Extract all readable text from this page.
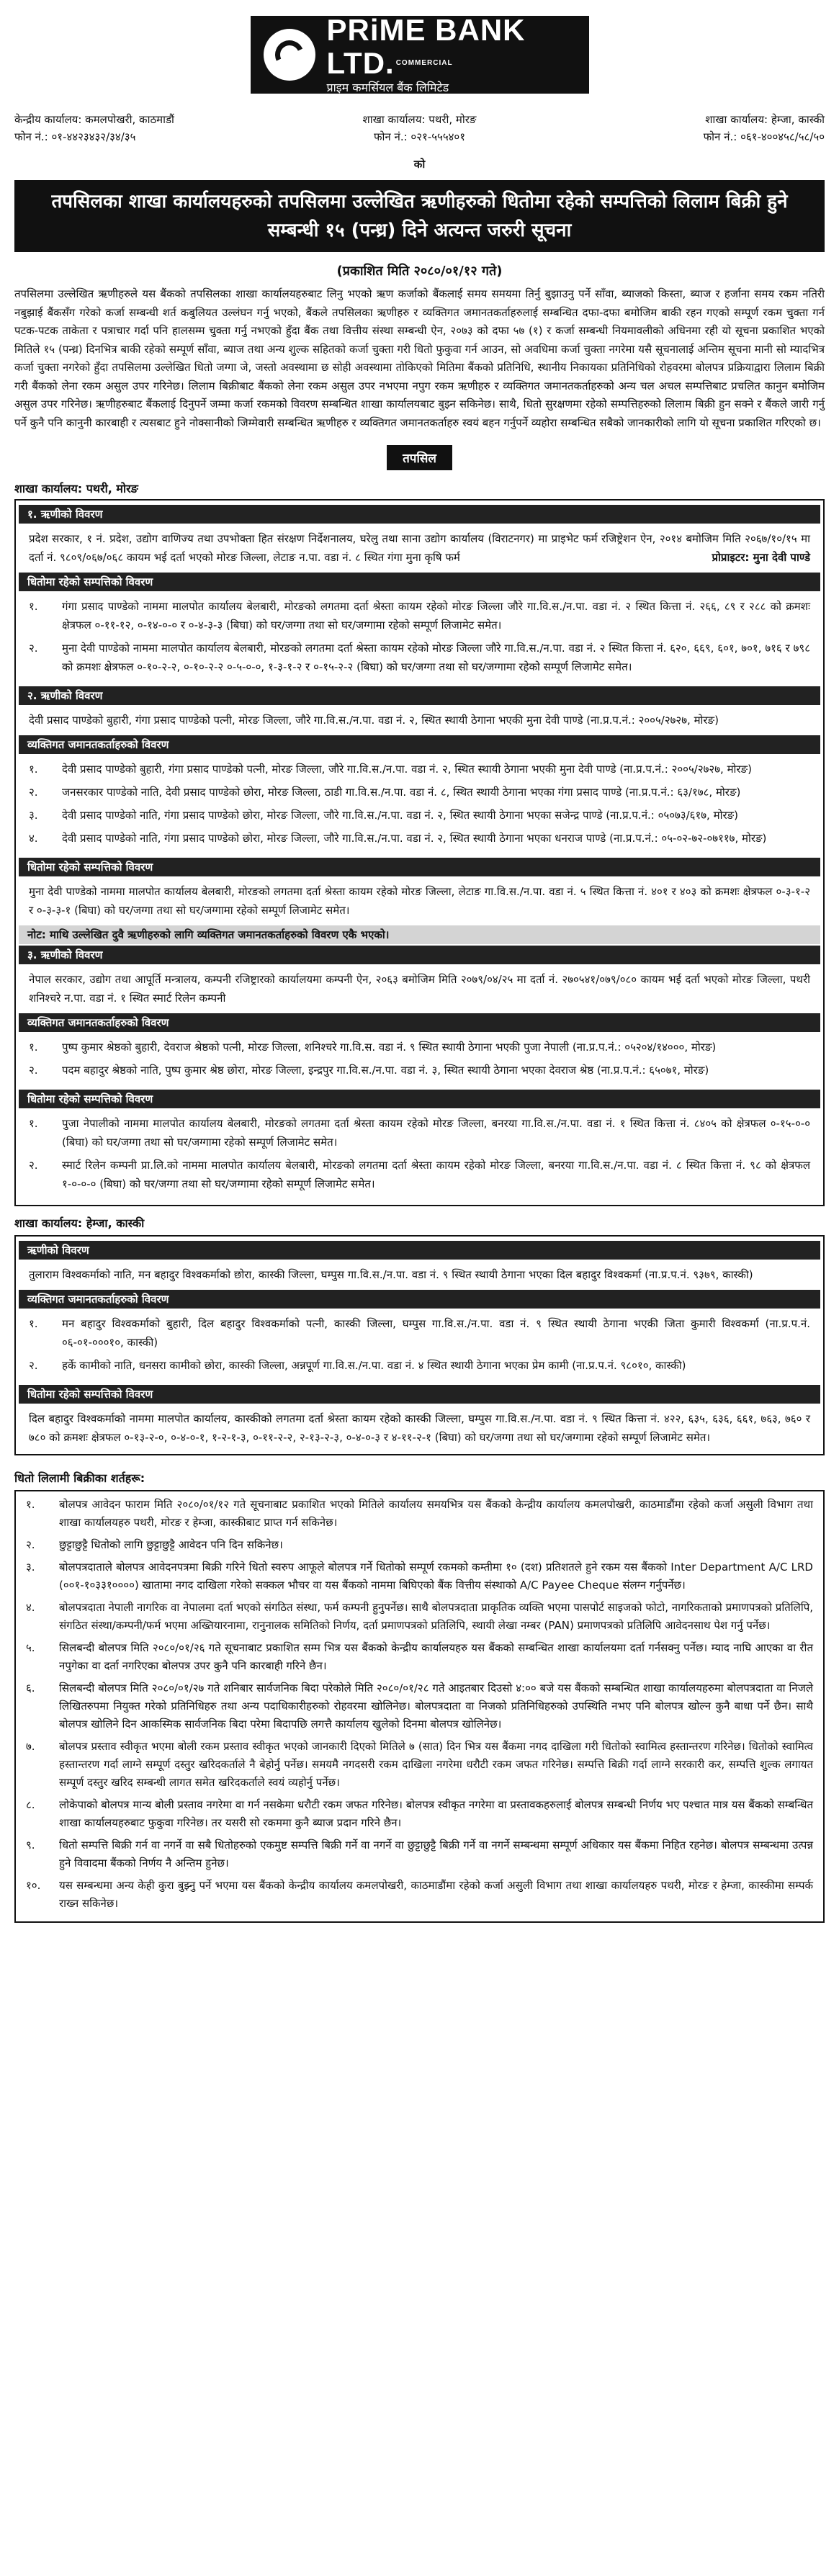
PRiME BANK LTD. $^{COMMERCIAL}$
प्राइम कमर्सियल बैंक लिमिटेड
केन्द्रीय कार्यालय: कमलपोखरी, काठमाडौं
फोन नं.: ०१-४४२३४३२/३४/३५
शाखा कार्यालय: पथरी, मोरङ
फोन नं.: ०२१-५५५४०१
शाखा कार्यालय: हेम्जा, कास्की
फोन नं.: ०६१-४००४५८/५८/५०
को
तपसिलका शाखा कार्यालयहरुको तपसिलमा उल्लेखित ऋणीहरुको धितोमा रहेको सम्पत्तिको लिलाम बिक्री हुने सम्बन्धी १५ (पन्ध्र) दिने अत्यन्त जरुरी सूचना
(प्रकाशित मिति २०८०/०१/१२ गते)
तपसिलमा उल्लेखित ऋणीहरुले यस बैंकको तपसिलका शाखा कार्यालयहरुबाट लिनु भएको ऋण कर्जाको बैंकलाई समय समयमा तिर्नु बुझाउनु पर्ने साँवा, ब्याजको किस्ता, ब्याज र हर्जाना समय रकम नतिरी नबुझाई बैंकसँग गरेको कर्जा सम्बन्धी शर्त कबुलियत उल्लंघन गर्नु भएको, बैंकले तपसिलका ऋणीहरु र व्यक्तिगत जमानतकर्ताहरुलाई सम्बन्धित दफा-दफा बमोजिम बाकी रहन गएको सम्पूर्ण रकम चुक्ता गर्न पटक-पटक ताकेता र पत्राचार गर्दा पनि हालसम्म चुक्ता गर्नु नभएको हुँदा बैंक तथा वित्तीय संस्था सम्बन्धी ऐन, २०७३ को दफा ५७ (१) र कर्जा सम्बन्धी नियमावलीको अधिनमा रही यो सूचना प्रकाशित भएको मितिले १५ (पन्ध्र) दिनभित्र बाकी रहेको सम्पूर्ण साँवा, ब्याज तथा अन्य शुल्क सहितको कर्जा चुक्ता गरी धितो फुकुवा गर्न आउन, सो अवधिमा कर्जा चुक्ता नगरेमा यसै सूचनालाई अन्तिम सूचना मानी सो म्यादभित्र कर्जा चुक्ता नगरेको हुँदा तपसिलमा उल्लेखित धितो जग्गा जे, जस्तो अवस्थामा छ सोही अवस्थामा तोकिएको मितिमा बैंकको प्रतिनिधि, स्थानीय निकायका प्रतिनिधिको रोहवरमा बोलपत्र प्रक्रियाद्वारा लिलाम बिक्री गरी बैंकको लेना रकम असुल उपर गरिनेछ। लिलाम बिक्रीबाट बैंकको लेना रकम असुल उपर नभएमा नपुग रकम ऋणीहरु र व्यक्तिगत जमानतकर्ताहरुको अन्य चल अचल सम्पत्तिबाट प्रचलित कानुन बमोजिम असुल उपर गरिनेछ। ऋणीहरुबाट बैंकलाई दिनुपर्ने जम्मा कर्जा रकमको विवरण सम्बन्धित शाखा कार्यालयबाट बुझ्न सकिनेछ। साथै, धितो सुरक्षणमा रहेको सम्पत्तिहरुको लिलाम बिक्री हुन सक्ने र बैंकले जारी गर्नु पर्ने कुनै पनि कानुनी कारबाही र त्यसबाट हुने नोक्सानीको जिम्मेवारी सम्बन्धित ऋणीहरु र व्यक्तिगत जमानतकर्ताहरु स्वयं बहन गर्नुपर्ने व्यहोरा सम्बन्धित सबैको जानकारीको लागि यो सूचना प्रकाशित गरिएको छ।
तपसिल
शाखा कार्यालय: पथरी, मोरङ
१. ऋणीको विवरण
प्रदेश सरकार, १ नं. प्रदेश, उद्योग वाणिज्य तथा उपभोक्ता हित संरक्षण निर्देशनालय, घरेलु तथा साना उद्योग कार्यालय (विराटनगर) मा प्राइभेट फर्म रजिष्ट्रेशन ऐन, २०१४ बमोजिम मिति २०६७/१०/१५ मा दर्ता नं. ९८०९/०६७/०६८ कायम भई दर्ता भएको मोरङ जिल्ला, लेटाङ न.पा. वडा नं. ८ स्थित गंगा मुना कृषि फर्म	प्रोप्राइटर: मुना देवी पाण्डे
धितोमा रहेको सम्पत्तिको विवरण
१.	गंगा प्रसाद पाण्डेको नाममा मालपोत कार्यालय बेलबारी, मोरङको लगतमा दर्ता श्रेस्ता कायम रहेको मोरङ जिल्ला जौरे गा.वि.स./न.पा. वडा नं. २ स्थित कित्ता नं. २६६, ८९ र २८८ को क्रमशः क्षेत्रफल ०-११-१२, ०-१४-०-० र ०-४-३-३ (बिघा) को घर/जग्गा तथा सो घर/जग्गामा रहेको सम्पूर्ण लिजामेट समेत।
२.	मुना देवी पाण्डेको नाममा मालपोत कार्यालय बेलबारी, मोरङको लगतमा दर्ता श्रेस्ता कायम रहेको मोरङ जिल्ला जौरे गा.वि.स./न.पा. वडा नं. २ स्थित कित्ता नं. ६२०, ६६९, ६०१, ७०१, ७१६ र ७९८ को क्रमशः क्षेत्रफल ०-१०-२-२, ०-१०-२-२ ०-५-०-०, १-३-१-२ र ०-१५-२-२ (बिघा) को घर/जग्गा तथा सो घर/जग्गामा रहेको सम्पूर्ण लिजामेट समेत।
२. ऋणीको विवरण
देवी प्रसाद पाण्डेको बुहारी, गंगा प्रसाद पाण्डेको पत्नी, मोरङ जिल्ला, जौरे गा.वि.स./न.पा. वडा नं. २, स्थित स्थायी ठेगाना भएकी मुना देवी पाण्डे (ना.प्र.प.नं.: २००५/२७२७, मोरङ)
व्यक्तिगत जमानतकर्ताहरुको विवरण
१.	देवी प्रसाद पाण्डेको बुहारी, गंगा प्रसाद पाण्डेको पत्नी, मोरङ जिल्ला, जौरे गा.वि.स./न.पा. वडा नं. २, स्थित स्थायी ठेगाना भएकी मुना देवी पाण्डे (ना.प्र.प.नं.: २००५/२७२७, मोरङ)
२.	जनसरकार पाण्डेको नाति, देवी प्रसाद पाण्डेको छोरा, मोरङ जिल्ला, ठाडी गा.वि.स./न.पा. वडा नं. ८, स्थित स्थायी ठेगाना भएका गंगा प्रसाद पाण्डे (ना.प्र.प.नं.: ६३/१७८, मोरङ)
३.	देवी प्रसाद पाण्डेको नाति, गंगा प्रसाद पाण्डेको छोरा, मोरङ जिल्ला, जौरे गा.वि.स./न.पा. वडा नं. २, स्थित स्थायी ठेगाना भएका सजेन्द्र पाण्डे (ना.प्र.प.नं.: ०५०७३/६१७, मोरङ)
४.	देवी प्रसाद पाण्डेको नाति, गंगा प्रसाद पाण्डेको छोरा, मोरङ जिल्ला, जौरे गा.वि.स./न.पा. वडा नं. २, स्थित स्थायी ठेगाना भएका धनराज पाण्डे (ना.प्र.प.नं.: ०५-०२-७२-०७११७, मोरङ)
धितोमा रहेको सम्पत्तिको विवरण
मुना देवी पाण्डेको नाममा मालपोत कार्यालय बेलबारी, मोरङको लगतमा दर्ता श्रेस्ता कायम रहेको मोरङ जिल्ला, लेटाङ गा.वि.स./न.पा. वडा नं. ५ स्थित कित्ता नं. ४०१ र ४०३ को क्रमशः क्षेत्रफल ०-३-१-२ र ०-३-३-१ (बिघा) को घर/जग्गा तथा सो घर/जग्गामा रहेको सम्पूर्ण लिजामेट समेत।
नोट: माथि उल्लेखित दुवै ऋणीहरुको लागि व्यक्तिगत जमानतकर्ताहरुको विवरण एकै भएको।
३. ऋणीको विवरण
नेपाल सरकार, उद्योग तथा आपूर्ति मन्त्रालय, कम्पनी रजिष्ट्रारको कार्यालयमा कम्पनी ऐन, २०६३ बमोजिम मिति २०७९/०४/२५ मा दर्ता नं. २७०५४१/०७९/०८० कायम भई दर्ता भएको मोरङ जिल्ला, पथरी शनिश्चरे न.पा. वडा नं. १ स्थित स्मार्ट रिलेन कम्पनी
व्यक्तिगत जमानतकर्ताहरुको विवरण
१.	पुष्प कुमार श्रेष्ठको बुहारी, देवराज श्रेष्ठको पत्नी, मोरङ जिल्ला, शनिश्चरे गा.वि.स. वडा नं. ९ स्थित स्थायी ठेगाना भएकी पुजा नेपाली (ना.प्र.प.नं.: ०५२०४/१४०००, मोरङ)
२.	पदम बहादुर श्रेष्ठको नाति, पुष्प कुमार श्रेष्ठ छोरा, मोरङ जिल्ला, इन्द्रपुर गा.वि.स./न.पा. वडा नं. ३, स्थित स्थायी ठेगाना भएका देवराज श्रेष्ठ (ना.प्र.प.नं.: ६५०७१, मोरङ)
धितोमा रहेको सम्पत्तिको विवरण
१.	पुजा नेपालीको नाममा मालपोत कार्यालय बेलबारी, मोरङको लगतमा दर्ता श्रेस्ता कायम रहेको मोरङ जिल्ला, बनरया गा.वि.स./न.पा. वडा नं. १ स्थित कित्ता नं. ८४०५ को क्षेत्रफल ०-१५-०-० (बिघा) को घर/जग्गा तथा सो घर/जग्गामा रहेको सम्पूर्ण लिजामेट समेत।
२.	स्मार्ट रिलेन कम्पनी प्रा.लि.को नाममा मालपोत कार्यालय बेलबारी, मोरङको लगतमा दर्ता श्रेस्ता कायम रहेको मोरङ जिल्ला, बनरया गा.वि.स./न.पा. वडा नं. ८ स्थित कित्ता नं. ९८ को क्षेत्रफल १-०-०-० (बिघा) को घर/जग्गा तथा सो घर/जग्गामा रहेको सम्पूर्ण लिजामेट समेत।
शाखा कार्यालय: हेम्जा, कास्की
ऋणीको विवरण
तुलाराम विश्वकर्माको नाति, मन बहादुर विश्वकर्माको छोरा, कास्की जिल्ला, घम्पुस गा.वि.स./न.पा. वडा नं. ९ स्थित स्थायी ठेगाना भएका दिल बहादुर विश्वकर्मा (ना.प्र.प.नं. ९३७९, कास्की)
व्यक्तिगत जमानतकर्ताहरुको विवरण
१.	मन बहादुर विश्वकर्माको बुहारी, दिल बहादुर विश्वकर्माको पत्नी, कास्की जिल्ला, घम्पुस गा.वि.स./न.पा. वडा नं. ९ स्थित स्थायी ठेगाना भएकी जिता कुमारी विश्वकर्मा (ना.प्र.प.नं. ०६-०१-०००१०, कास्की)
२.	हर्के कामीको नाति, धनसरा कामीको छोरा, कास्की जिल्ला, अन्नपूर्ण गा.वि.स./न.पा. वडा नं. ४ स्थित स्थायी ठेगाना भएका प्रेम कामी (ना.प्र.प.नं. ९८०१०, कास्की)
धितोमा रहेको सम्पत्तिको विवरण
दिल बहादुर विश्वकर्माको नाममा मालपोत कार्यालय, कास्कीको लगतमा दर्ता श्रेस्ता कायम रहेको कास्की जिल्ला, घम्पुस गा.वि.स./न.पा. वडा नं. ९ स्थित कित्ता नं. ४२२, ६३५, ६३६, ६६१, ७६३, ७६० र ७८० को क्रमशः क्षेत्रफल ०-१३-२-०, ०-४-०-१, १-२-१-३, ०-११-२-२, २-१३-२-३, ०-४-०-३ र ४-११-२-१ (बिघा) को घर/जग्गा तथा सो घर/जग्गामा रहेको सम्पूर्ण लिजामेट समेत।
धितो लिलामी बिक्रीका शर्तहरू:
१.	बोलपत्र आवेदन फाराम मिति २०८०/०१/१२ गते सूचनाबाट प्रकाशित भएको मितिले कार्यालय समयभित्र यस बैंकको केन्द्रीय कार्यालय कमलपोखरी, काठमाडौंमा रहेको कर्जा असुली विभाग तथा शाखा कार्यालयहरु पथरी, मोरङ र हेम्जा, कास्कीबाट प्राप्त गर्न सकिनेछ।
२.	छुट्टाछुट्टै धितोको लागि छुट्टाछुट्टै आवेदन पनि दिन सकिनेछ।
३.	बोलपत्रदाताले बोलपत्र आवेदनपत्रमा बिक्री गरिने धितो स्वरुप आफूले बोलपत्र गर्ने धितोको सम्पूर्ण रकमको कम्तीमा १० (दश) प्रतिशतले हुने रकम यस बैंकको Inter Department A/C LRD (००१-१०३३१००००) खातामा नगद दाखिला गरेको सक्कल भौचर वा यस बैंकको नाममा बिघिएको बैंक वित्तीय संस्थाको A/C Payee Cheque संलग्न गर्नुपर्नेछ।
४.	बोलपत्रदाता नेपाली नागरिक वा नेपालमा दर्ता भएको संगठित संस्था, फर्म कम्पनी हुनुपर्नेछ। साथै बोलपत्रदाता प्राकृतिक व्यक्ति भएमा पासपोर्ट साइजको फोटो, नागरिकताको प्रमाणपत्रको प्रतिलिपि, संगठित संस्था/कम्पनी/फर्म भएमा अख्तियारनामा, रानुनालक समितिको निर्णय, दर्ता प्रमाणपत्रको प्रतिलिपि, स्थायी लेखा नम्बर (PAN) प्रमाणपत्रको प्रतिलिपि आवेदनसाथ पेश गर्नु पर्नेछ।
५.	सिलबन्दी बोलपत्र मिति २०८०/०१/२६ गते सूचनाबाट प्रकाशित सम्म भित्र यस बैंकको केन्द्रीय कार्यालयहरु यस बैंकको सम्बन्धित शाखा कार्यालयमा दर्ता गर्नसक्नु पर्नेछ। म्याद नाघि आएका वा रीत नपुगेका वा दर्ता नगरिएका बोलपत्र उपर कुनै पनि कारबाही गरिने छैन।
६.	सिलबन्दी बोलपत्र मिति २०८०/०१/२७ गते शनिबार सार्वजनिक बिदा परेकोले मिति २०८०/०१/२८ गते आइतबार दिउसो ४:०० बजे यस बैंकको सम्बन्धित शाखा कार्यालयहरुमा बोलपत्रदाता वा निजले लिखितरुपमा नियुक्त गरेको प्रतिनिधिहरु तथा अन्य पदाधिकारीहरुको रोहवरमा खोलिनेछ। बोलपत्रदाता वा निजको प्रतिनिधिहरुको उपस्थिति नभए पनि बोलपत्र खोल्न कुनै बाधा पर्ने छैन। साथै बोलपत्र खोलिने दिन आकस्मिक सार्वजनिक बिदा परेमा बिदापछि लगत्तै कार्यालय खुलेको दिनमा बोलपत्र खोलिनेछ।
७.	बोलपत्र प्रस्ताव स्वीकृत भएमा बोली रकम प्रस्ताव स्वीकृत भएको जानकारी दिएको मितिले ७ (सात) दिन भित्र यस बैंकमा नगद दाखिला गरी धितोको स्वामित्व हस्तान्तरण गरिनेछ। धितोको स्वामित्व हस्तान्तरण गर्दा लाग्ने सम्पूर्ण दस्तुर खरिदकर्ताले नै बेहोर्नु पर्नेछ। समयमै नगदसरी रकम दाखिला नगरेमा धरौटी रकम जफत गरिनेछ। सम्पत्ति बिक्री गर्दा लाग्ने सरकारी कर, सम्पत्ति शुल्क लगायत सम्पूर्ण दस्तुर खरिद सम्बन्धी लागत समेत खरिदकर्ताले स्वयं व्यहोर्नु पर्नेछ।
८.	लोकेपाको बोलपत्र मान्य बोली प्रस्ताव नगरेमा वा गर्न नसकेमा धरौटी रकम जफत गरिनेछ। बोलपत्र स्वीकृत नगरेमा वा प्रस्तावकहरुलाई बोलपत्र सम्बन्धी निर्णय भए पश्चात मात्र यस बैंकको सम्बन्धित शाखा कार्यालयहरुबाट फुकुवा गरिनेछ। तर यसरी सो रकममा कुनै ब्याज प्रदान गरिने छैन।
९.	धितो सम्पत्ति बिक्री गर्न वा नगर्ने वा सबै धितोहरुको एकमुष्ट सम्पत्ति बिक्री गर्ने वा नगर्ने वा छुट्टाछुट्टै बिक्री गर्ने वा नगर्ने सम्बन्धमा सम्पूर्ण अधिकार यस बैंकमा निहित रहनेछ। बोलपत्र सम्बन्धमा उत्पन्न हुने विवादमा बैंकको निर्णय नै अन्तिम हुनेछ।
१०.	यस सम्बन्धमा अन्य केही कुरा बुझ्नु पर्ने भएमा यस बैंकको केन्द्रीय कार्यालय कमलपोखरी, काठमाडौंमा रहेको कर्जा असुली विभाग तथा शाखा कार्यालयहरु पथरी, मोरङ र हेम्जा, कास्कीमा सम्पर्क राख्न सकिनेछ।
